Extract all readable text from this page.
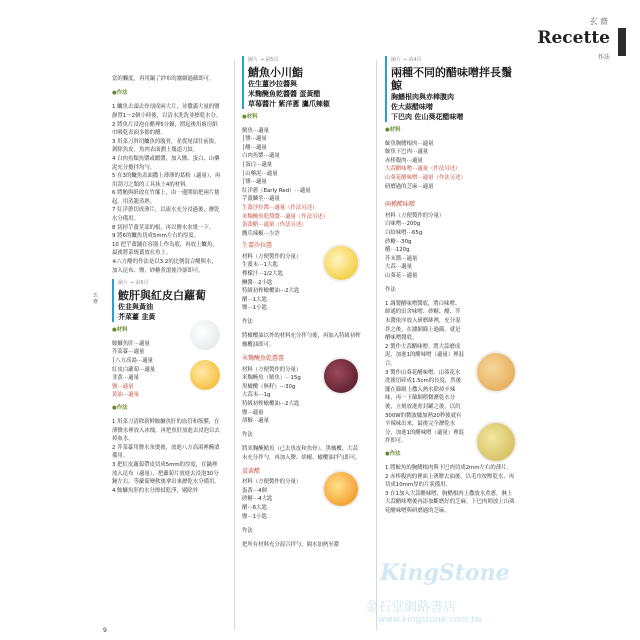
玄 齋
Recette
作法
玄 齋

當的觸度，再用鍋了紗布的濾網過篩即可。

●作法

1 鱸魚去頭去骨剖成兩大片，並撒滿大量的鹽靜置1〜2個小時後，以清水洗洗並擦乾水分。

2 將魚片浸泡在醋裡5分鐘，撈起後用廚房紙巾吸乾表面多餘的醋。

3 用菜刀斜切鱸魚的腹骨，並從尾部往前拔，剝除魚皮，魚肉表面劃上幾道刀紋。

4 白肉魚類魚漿或蝦漿，加入鹽、蛋白、山藥泥充分攪拌均勻。

5 在3的鱸魚表面撒上薄薄的葛粉（適量），再用刮刀之類的工具抹上4的材料。

6 將鮪與紙放在竹簾上，由一邊開始把兩片捲起，用蒸籠蒸熟。

7 紅洋蔥切成薄片，以流水充分浸過後，瀝乾水分備用。

8 切掉芋薑莖部的根，再以鹽水汆燙一下。

9 將6的鱸魚切成5mm左右的厚度。

10 把芋薑鋪在容器上作為底，再放上鱸魚，最後將菜燒薑放在魚上。

※八方醋的作法是以3:2的比例混合醋與水，加入昆布、鹽，砂糖煮滾後冷卻即可。

圖片 → 第6頁
鮟肝與紅皮白蘿蔔
佐韭與黃油
芥菜薹 韭黃

●材料

鮟鱇魚肝⋯適量

芥菜薹⋯適量

│八方高湯⋯適量

紅皮白蘿蔔⋯適量

韭黃⋯適量

鹽⋯適量

黃油⋯適量

●作法

1 用菜刀清除新鮮鮟鱇魚肝的血管和筋膜，在薄鹽水裡放入冰塊，再把魚肝放進去浸泡以去掉血水。

2 芥菜薹用鹽水汆燙後，放進八方高湯裡醃漬備用。

3 把紅皮蘿蔔帶皮切成5mm的厚度，在鍋裡放入昆布（適量），把蘿蔔片放進去浸泡30分鐘左右，等蘿蔔變軟後拿出來瀝乾水分備用。

4 鮟鱇魚肝的水分擦拭乾淨，剔除外

圖片 → 第5頁
鯖魚小川鮨
佐生薑沙拉醬與
米麴醃魚乾醬醬 蛋黃醋
草莓醬汁 紫洋蔥 鷹爪辣椒

●材料

鯖魚⋯適量

│鹽⋯適量

│醋⋯適量

白肉魚漿⋯適量

│蛋白⋯適量

│山藥泥⋯適量

│鹽⋯適量

紅洋蔥（Early Red）⋯適量

芋薑鱗莖⋯適量

生薑沙拉醬⋯適量（作法另述）

米麴醃魚乾醬醬⋯適量（作法另述）

蛋黃醋⋯適量（作法另述）

鷹爪辣椒⋯少許

生薑沙拉醬

材料（方便製作的分量）

生薑末⋯1大匙

檸檬汁⋯1/2大匙

醂醬⋯2小匙

特級初榨橄欖油⋯2大匙

醋⋯1大匙

鹽⋯1小匙

作法

將橄欖油以外的材料充分拌勻後，再加入特級初榨橄欖油即可。

米麴醃魚乾醬醬

材料（方便製作的分量）

米麴醃魚（鯖魚）⋯15g

黑橄欖（無籽）⋯30g

大蒜末⋯1g

特級初榨橄欖油⋯2大匙

鹽⋯適量

胡椒⋯適量

作法

將米麴醃鯖魚（已去魚皮和魚骨）、黑橄欖、大蒜末充分拌勻，再加入鹽、胡椒、橄欖油拌勻即可。

蛋黃醋

材料（方便製作的分量）

蛋黃⋯4個

砂糖⋯4大匙

醋⋯6大匙

鹽⋯1小匙

作法

把所有材料充分混合拌勻，隔水加熱至濃

圖片 → 第4頁
兩種不同的醋味噌拌長鬚鯨
胸鰭根肉與赤棒腹肉
佐大蒜醋味噌
下巴肉 佐山葵花醋味噌

●材料

鯨魚胸鰭根肉⋯適量

鯨魚下巴肉⋯適量

赤棒腹肉⋯適量

大蒜醋味噌⋯適量（作法另述）

山葵花醋味噌⋯適量（作法另述）

研磨過的芝麻⋯適量

兩種醋味噌

材料（方便製作的分量）

白味噌⋯200g

白絞味噌⋯65g

砂糖⋯30g

醋⋯120g

芥末醬⋯適量

大蒜⋯適量

山葵花⋯適量

作法

1 調製醋味噌醬底，將白味噌、師通的田舍味噌、砂糖、醋、芥末醬依序放入研磨缽裡，充分混拌之後，在濾網篩上過篩，就是醋味噌醬底。

2 製作大蒜醋味噌。將大蒜磨成泥，加進1的醋味噌（適量）裡混合。

3 製作山葵花醋味噌。山葵花水洗後切碎成1.5cm的長度，然後擺在篩網上撒入熱水除掉辛辣味，再一下篩網稍微瀝乾水分後，立刻放進密封罐之後，以約300W的微波爐加熱20秒後就有辛辣味出來，最後完全瀝乾水分，加進1的醋味噌（適量）裡混拌即可。

●作法

1 將鯨魚的胸鰭根肉與下巴肉切成2mm左右的薄片。

2 赤棒腹肉的裡面上薄鹽去油後，以毛巾按壓乾水，再切成10mm厚的片狀備用。

3 在1加入大蒜醋味噌，胸鰭根肉上撒放水煮蔥，淋上大蒜醋味噌後再添加斷磨好的芝麻。下巴肉則放上山葵花醋味噌與研磨過的芝麻。

KingStone
金石堂網路書店
www.kingstone.com.tw
9
